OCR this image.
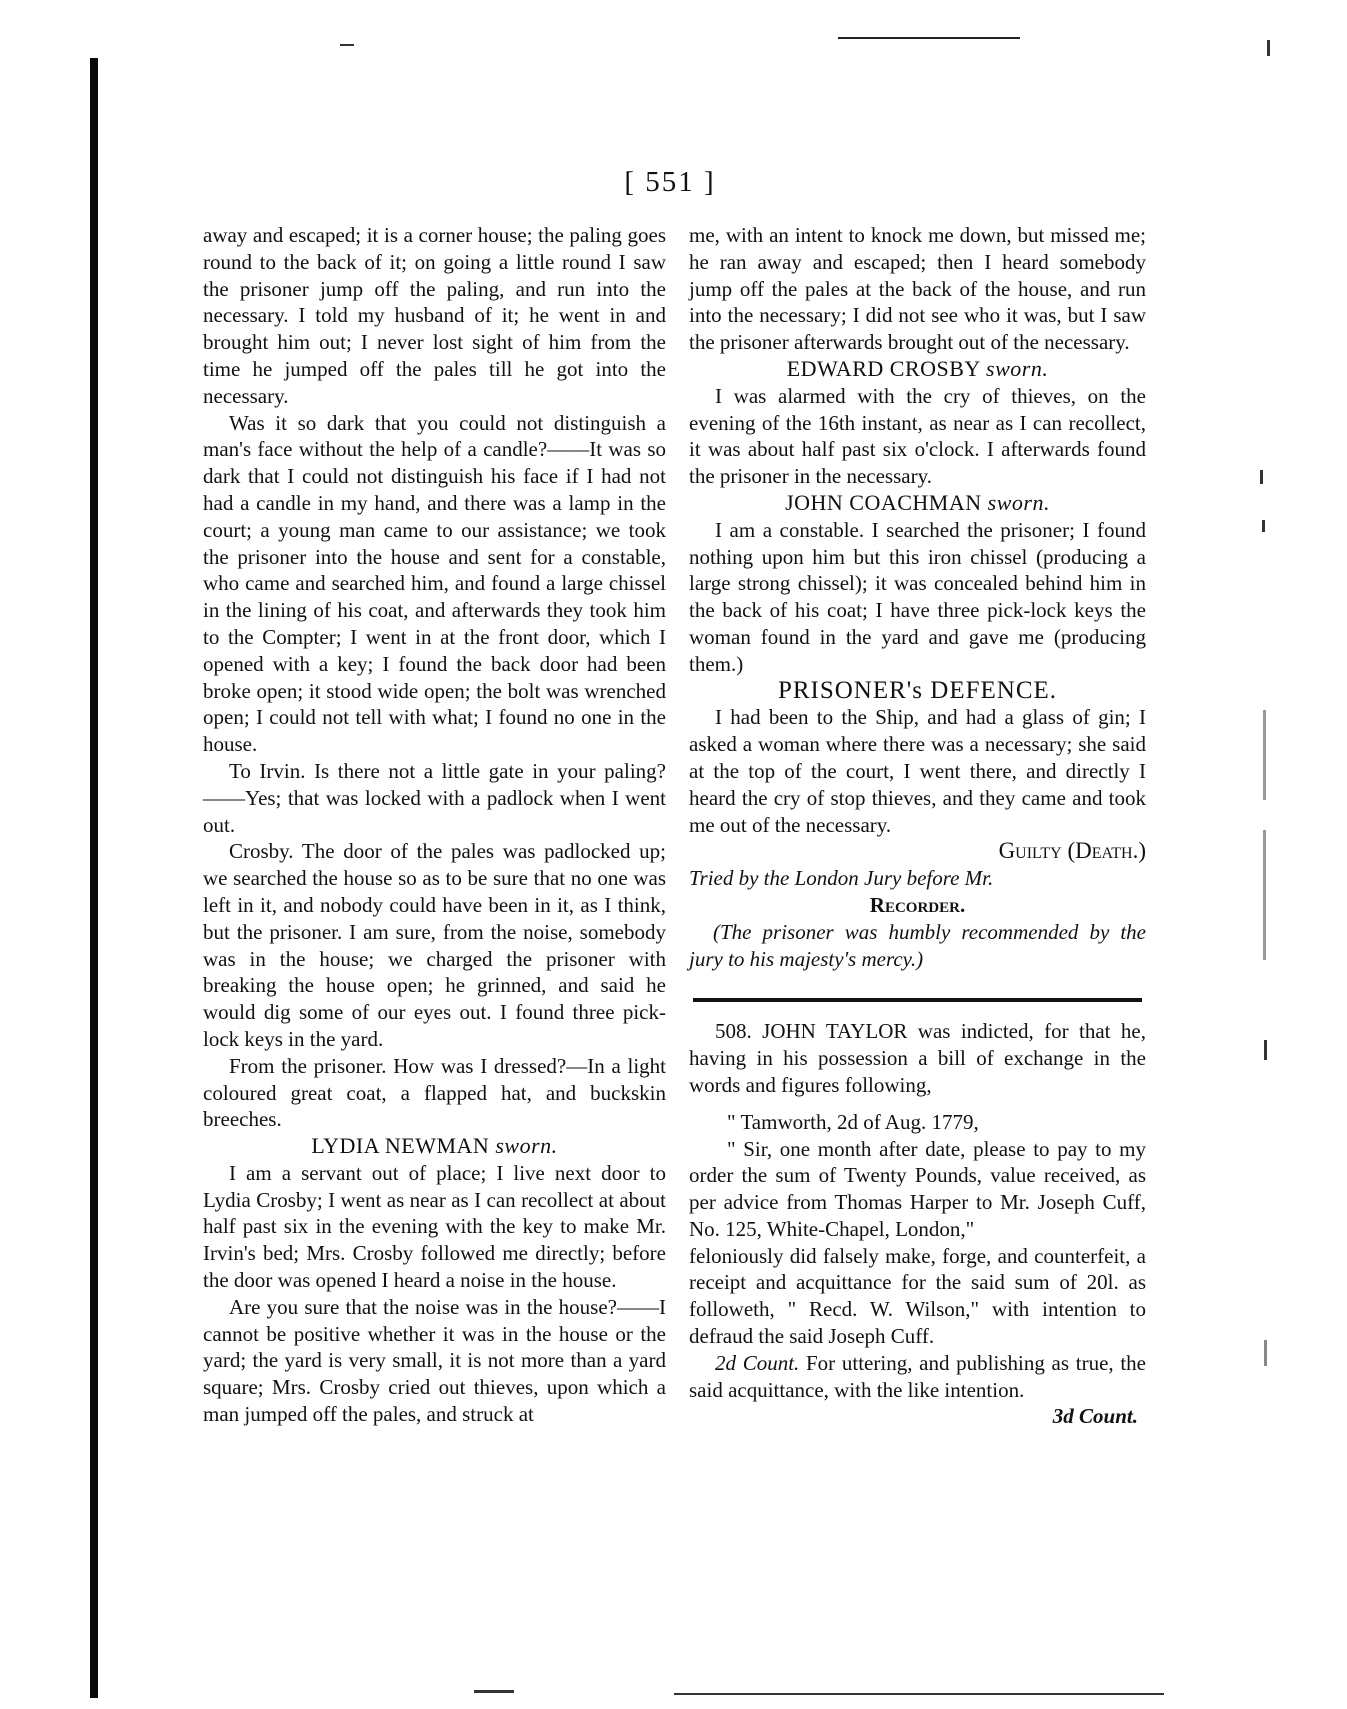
[ 551 ]

away and escaped; it is a corner house; the paling goes round to the back of it; on going a little round I saw the prisoner jump off the paling, and run into the necessary. I told my husband of it; he went in and brought him out; I never lost sight of him from the time he jumped off the pales till he got into the necessary.

Was it so dark that you could not distinguish a man's face without the help of a candle?——It was so dark that I could not distinguish his face if I had not had a candle in my hand, and there was a lamp in the court; a young man came to our assistance; we took the prisoner into the house and sent for a constable, who came and searched him, and found a large chissel in the lining of his coat, and afterwards they took him to the Compter; I went in at the front door, which I opened with a key; I found the back door had been broke open; it stood wide open; the bolt was wrenched open; I could not tell with what; I found no one in the house.

To Irvin. Is there not a little gate in your paling?——Yes; that was locked with a padlock when I went out.

Crosby. The door of the pales was padlocked up; we searched the house so as to be sure that no one was left in it, and nobody could have been in it, as I think, but the prisoner. I am sure, from the noise, somebody was in the house; we charged the prisoner with breaking the house open; he grinned, and said he would dig some of our eyes out. I found three pick-lock keys in the yard.

From the prisoner. How was I dressed?—In a light coloured great coat, a flapped hat, and buckskin breeches.

LYDIA NEWMAN sworn.

I am a servant out of place; I live next door to Lydia Crosby; I went as near as I can recollect at about half past six in the evening with the key to make Mr. Irvin's bed; Mrs. Crosby followed me directly; before the door was opened I heard a noise in the house.

Are you sure that the noise was in the house?——I cannot be positive whether it was in the house or the yard; the yard is very small, it is not more than a yard square; Mrs. Crosby cried out thieves, upon which a man jumped off the pales, and struck at

me, with an intent to knock me down, but missed me; he ran away and escaped; then I heard somebody jump off the pales at the back of the house, and run into the necessary; I did not see who it was, but I saw the prisoner afterwards brought out of the necessary.

EDWARD CROSBY sworn.

I was alarmed with the cry of thieves, on the evening of the 16th instant, as near as I can recollect, it was about half past six o'clock. I afterwards found the prisoner in the necessary.

JOHN COACHMAN sworn.

I am a constable. I searched the prisoner; I found nothing upon him but this iron chissel (producing a large strong chissel); it was concealed behind him in the back of his coat; I have three pick-lock keys the woman found in the yard and gave me (producing them.)

PRISONER's DEFENCE.

I had been to the Ship, and had a glass of gin; I asked a woman where there was a necessary; she said at the top of the court, I went there, and directly I heard the cry of stop thieves, and they came and took me out of the necessary.

Guilty (Death.)

Tried by the London Jury before Mr.

Recorder.

(The prisoner was humbly recommended by the jury to his majesty's mercy.)

508. JOHN TAYLOR was indicted, for that he, having in his possession a bill of exchange in the words and figures following,

" Tamworth, 2d of Aug. 1779,

" Sir, one month after date, please to pay to my order the sum of Twenty Pounds, value received, as per advice from Thomas Harper to Mr. Joseph Cuff, No. 125, White-Chapel, London,"

feloniously did falsely make, forge, and counterfeit, a receipt and acquittance for the said sum of 20l. as followeth, " Recd. W. Wilson," with intention to defraud the said Joseph Cuff.

2d Count. For uttering, and publishing as true, the said acquittance, with the like intention.

3d Count.
